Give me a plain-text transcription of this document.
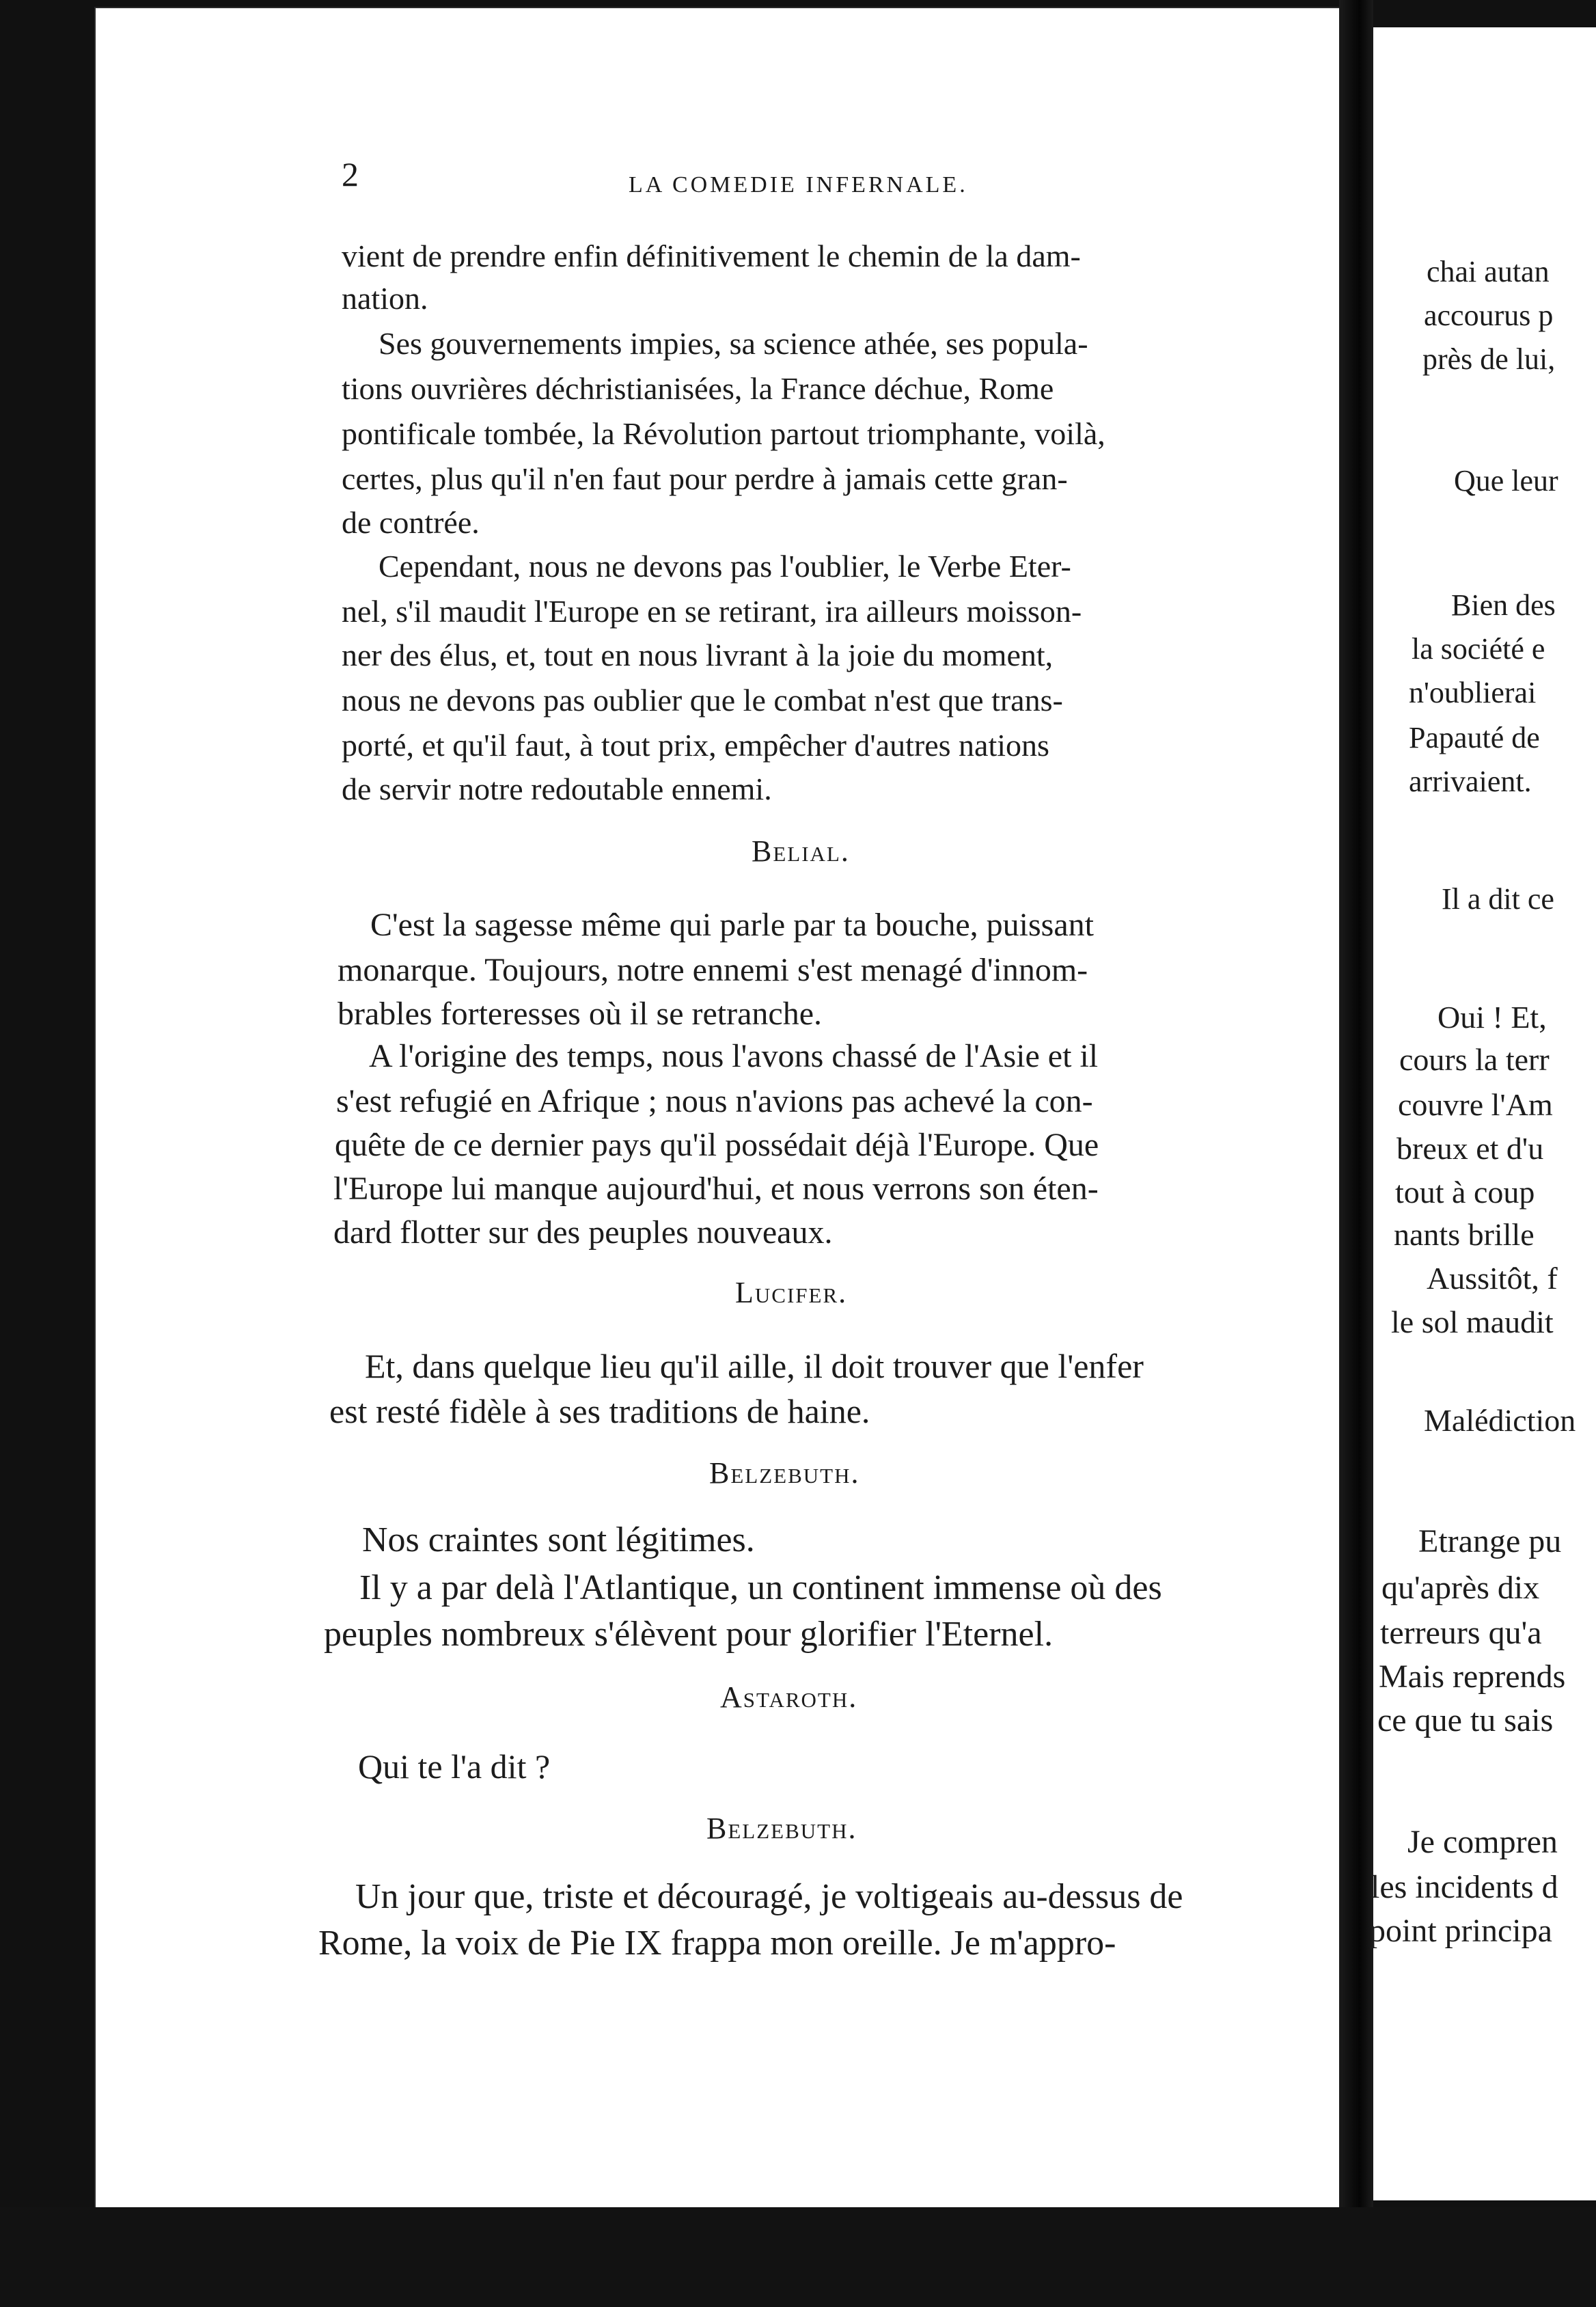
2	LA COMEDIE INFERNALE.
vient de prendre enfin définitivement le chemin de la dam-
nation.
Ses gouvernements impies, sa science athée, ses popula-
tions ouvrières déchristianisées, la France déchue, Rome
pontificale tombée, la Révolution partout triomphante, voilà,
certes, plus qu'il n'en faut pour perdre à jamais cette gran-
de contrée.
Cependant, nous ne devons pas l'oublier, le Verbe Eter-
nel, s'il maudit l'Europe en se retirant, ira ailleurs moisson-
ner des élus, et, tout en nous livrant à la joie du moment,
nous ne devons pas oublier que le combat n'est que trans-
porté, et qu'il faut, à tout prix, empêcher d'autres nations
de servir notre redoutable ennemi.
Belial.
C'est la sagesse même qui parle par ta bouche, puissant
monarque. Toujours, notre ennemi s'est menagé d'innom-
brables forteresses où il se retranche.
A l'origine des temps, nous l'avons chassé de l'Asie et il
s'est refugié en Afrique ; nous n'avions pas achevé la con-
quête de ce dernier pays qu'il possédait déjà l'Europe. Que
l'Europe lui manque aujourd'hui, et nous verrons son éten-
dard flotter sur des peuples nouveaux.
Lucifer.
Et, dans quelque lieu qu'il aille, il doit trouver que l'enfer
est resté fidèle à ses traditions de haine.
Belzebuth.
Nos craintes sont légitimes.
Il y a par delà l'Atlantique, un continent immense où des
peuples nombreux s'élèvent pour glorifier l'Eternel.
Astaroth.
Qui te l'a dit ?
Belzebuth.
Un jour que, triste et découragé, je voltigeais au-dessus de
Rome, la voix de Pie IX frappa mon oreille. Je m'appro-
chai autan
accourus p
près de lui,
Que leur
Bien des
la société e
n'oublierai
Papauté de
arrivaient.
Il a dit ce
Oui ! Et,
cours la terr
couvre l'Am
breux et d'u
tout à coup
nants brille
Aussitôt, f
le sol maudit
Malédiction
Etrange pu
qu'après dix
terreurs qu'a
Mais reprends
ce que tu sais
Je compren
les incidents d
point principa
